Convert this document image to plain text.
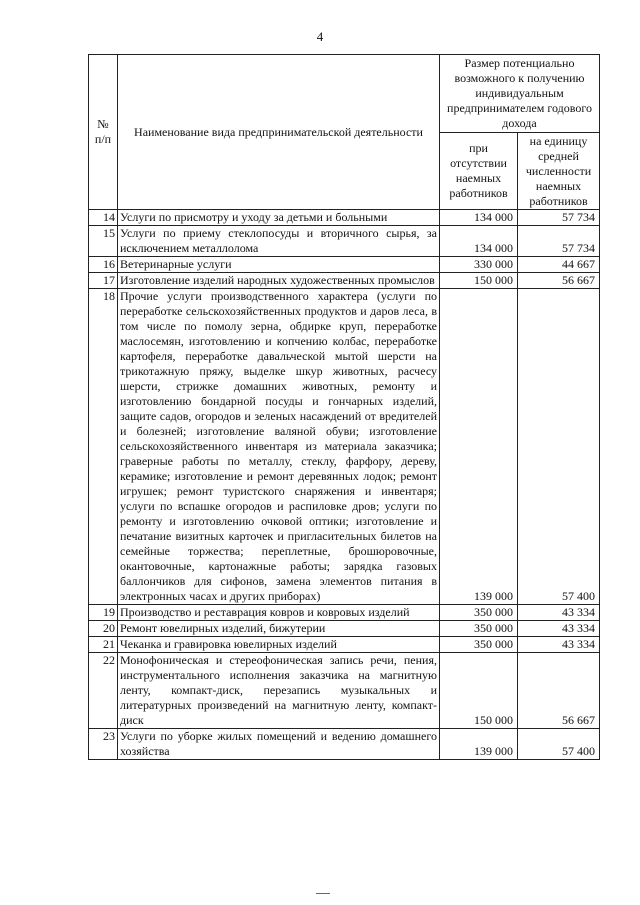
4
№ п/п	Наименование вида предпринимательской деятельности	Размер потенциально возможного к получению индивидуальным предпринимателем годового дохода	
		при отсутствии наемных работников	на единицу средней численности наемных работников
14	Услуги по присмотру и уходу за детьми и больными	134 000	57 734
15	Услуги по приему стеклопосуды и вторичного сырья, за исключением металлолома	134 000	57 734
16	Ветеринарные услуги	330 000	44 667
17	Изготовление изделий народных художественных промыслов	150 000	56 667
18	Прочие услуги производственного характера (услуги по переработке сельскохозяйственных продуктов и даров леса, в том числе по помолу зерна, обдирке круп, переработке маслосемян, изготовлению и копчению колбас, переработке картофеля, переработке давальческой мытой шерсти на трикотажную пряжу, выделке шкур животных, расчесу шерсти, стрижке домашних животных, ремонту и изготовлению бондарной посуды и гончарных изделий, защите садов, огородов и зеленых насаждений от вредителей и болезней; изготовление валяной обуви; изготовление сельскохозяйственного инвентаря из материала заказчика; граверные работы по металлу, стеклу, фарфору, дереву, керамике; изготовление и ремонт деревянных лодок; ремонт игрушек; ремонт туристского снаряжения и инвентаря; услуги по вспашке огородов и распиловке дров; услуги по ремонту и изготовлению очковой оптики; изготовление и печатание визитных карточек и пригласительных билетов на семейные торжества; переплетные, брошюровочные, окантовочные, картонажные работы; зарядка газовых баллончиков для сифонов, замена элементов питания в электронных часах и других приборах)	139 000	57 400
19	Производство и реставрация ковров и ковровых изделий	350 000	43 334
20	Ремонт ювелирных изделий, бижутерии	350 000	43 334
21	Чеканка и гравировка ювелирных изделий	350 000	43 334
22	Монофоническая и стереофоническая запись речи, пения, инструментального исполнения заказчика на магнитную ленту, компакт-диск, перезапись музыкальных и литературных произведений на магнитную ленту, компакт-диск	150 000	56 667
23	Услуги по уборке жилых помещений и ведению домашнего хозяйства	139 000	57 400
